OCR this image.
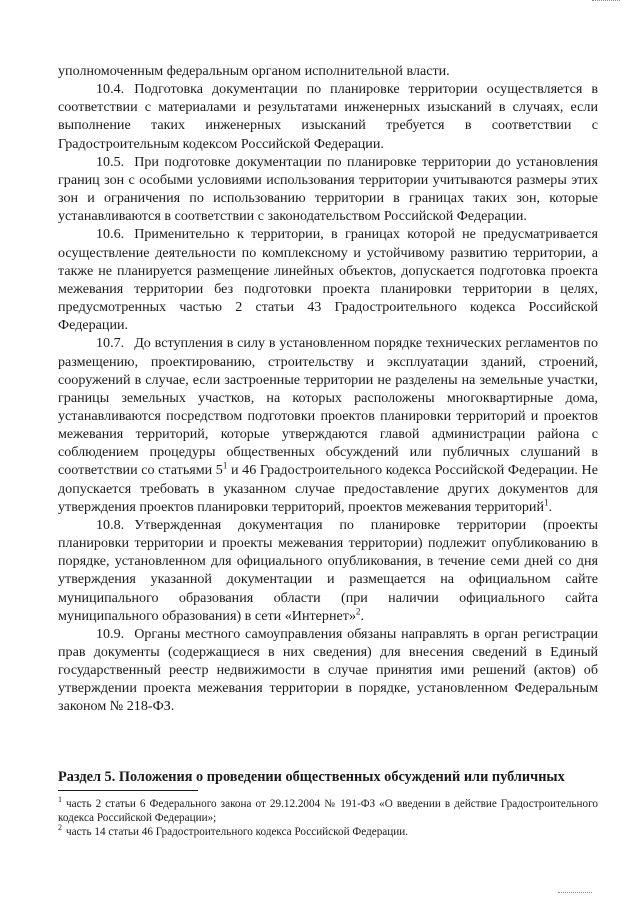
уполномоченным федеральным органом исполнительной власти.

10.4. Подготовка документации по планировке территории осуществляется в соответствии с материалами и результатами инженерных изысканий в случаях, если выполнение таких инженерных изысканий требуется в соответствии с Градостроительным кодексом Российской Федерации.

10.5. При подготовке документации по планировке территории до установления границ зон с особыми условиями использования территории учитываются размеры этих зон и ограничения по использованию территории в границах таких зон, которые устанавливаются в соответствии с законодательством Российской Федерации.

10.6. Применительно к территории, в границах которой не предусматривается осуществление деятельности по комплексному и устойчивому развитию территории, а также не планируется размещение линейных объектов, допускается подготовка проекта межевания территории без подготовки проекта планировки территории в целях, предусмотренных частью 2 статьи 43 Градостроительного кодекса Российской Федерации.

10.7. До вступления в силу в установленном порядке технических регламентов по размещению, проектированию, строительству и эксплуатации зданий, строений, сооружений в случае, если застроенные территории не разделены на земельные участки, границы земельных участков, на которых расположены многоквартирные дома, устанавливаются посредством подготовки проектов планировки территорий и проектов межевания территорий, которые утверждаются главой администрации района с соблюдением процедуры общественных обсуждений или публичных слушаний в соответствии со статьями $5^1$ и 46 Градостроительного кодекса Российской Федерации. Не допускается требовать в указанном случае предоставление других документов для утверждения проектов планировки территорий, проектов межевания территорий$^1$.

10.8. Утвержденная документация по планировке территории (проекты планировки территории и проекты межевания территории) подлежит опубликованию в порядке, установленном для официального опубликования, в течение семи дней со дня утверждения указанной документации и размещается на официальном сайте муниципального образования области (при наличии официального сайта муниципального образования) в сети «Интернет»$^2$.

10.9. Органы местного самоуправления обязаны направлять в орган регистрации прав документы (содержащиеся в них сведения) для внесения сведений в Единый государственный реестр недвижимости в случае принятия ими решений (актов) об утверждении проекта межевания территории в порядке, установленном Федеральным законом № 218-ФЗ.

Раздел 5. Положения о проведении общественных обсуждений или публичных

$^1$ часть 2 статьи 6 Федерального закона от 29.12.2004 № 191-ФЗ «О введении в действие Градостроительного кодекса Российской Федерации»;

$^2$ часть 14 статьи 46 Градостроительного кодекса Российской Федерации.
